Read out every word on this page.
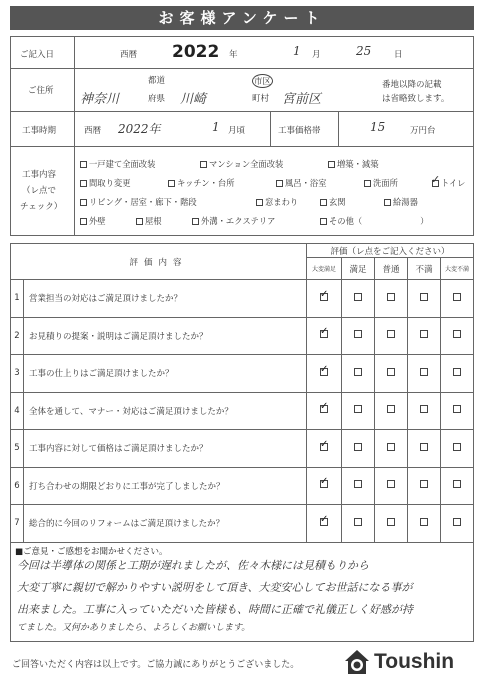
お客様アンケート
ご記入日	西暦 2022 年	1 月	25	日
ご住所
神奈川
都道
府県 川崎
市区
町村 宮前区
番地以降の記載
は省略致します。
工事時期	西暦 2022年	1 月頃	工事価格帯	15	万円台
工事内容
（レ点で
チェック）
一戸建て全面改装	マンション全面改装	増築・減築
間取り変更	キッチン・台所	風呂・浴室	洗面所	✓ トイレ
リビング・居室・廊下・階段	窓まわり	玄関	給湯器
外壁	屋根	外溝・エクステリア	その他（　　　　　　　）
評価内容		評価（レ点をご記入ください）				
		大変満足	満足	普通	不満	大変不満
1	営業担当の対応はご満足頂けましたか？	✓				
2	お見積りの提案・説明はご満足頂けましたか？	✓				
3	工事の仕上りはご満足頂けましたか？	✓				
4	全体を通して、マナー・対応はご満足頂けましたか？	✓				
5	工事内容に対して価格はご満足頂けましたか？	✓				
6	打ち合わせの期限どおりに工事が完了しましたか？	✓				
7	総合的に今回のリフォームはご満足頂けましたか？	✓				
■ご意見・ご感想をお聞かせください。
今回は半導体の関係と工期が遅れましたが、佐々木様には見積もりから
大変丁寧に親切で解かりやすい説明をして頂き、大変安心してお世話になる事が
出来ました。工事に入っていただいた皆様も、時間に正確で礼儀正しく好感が持
てました。又何かありましたら、よろしくお願いします。
ご回答いただく内容は以上です。ご協力誠にありがとうございました。	Toushin
